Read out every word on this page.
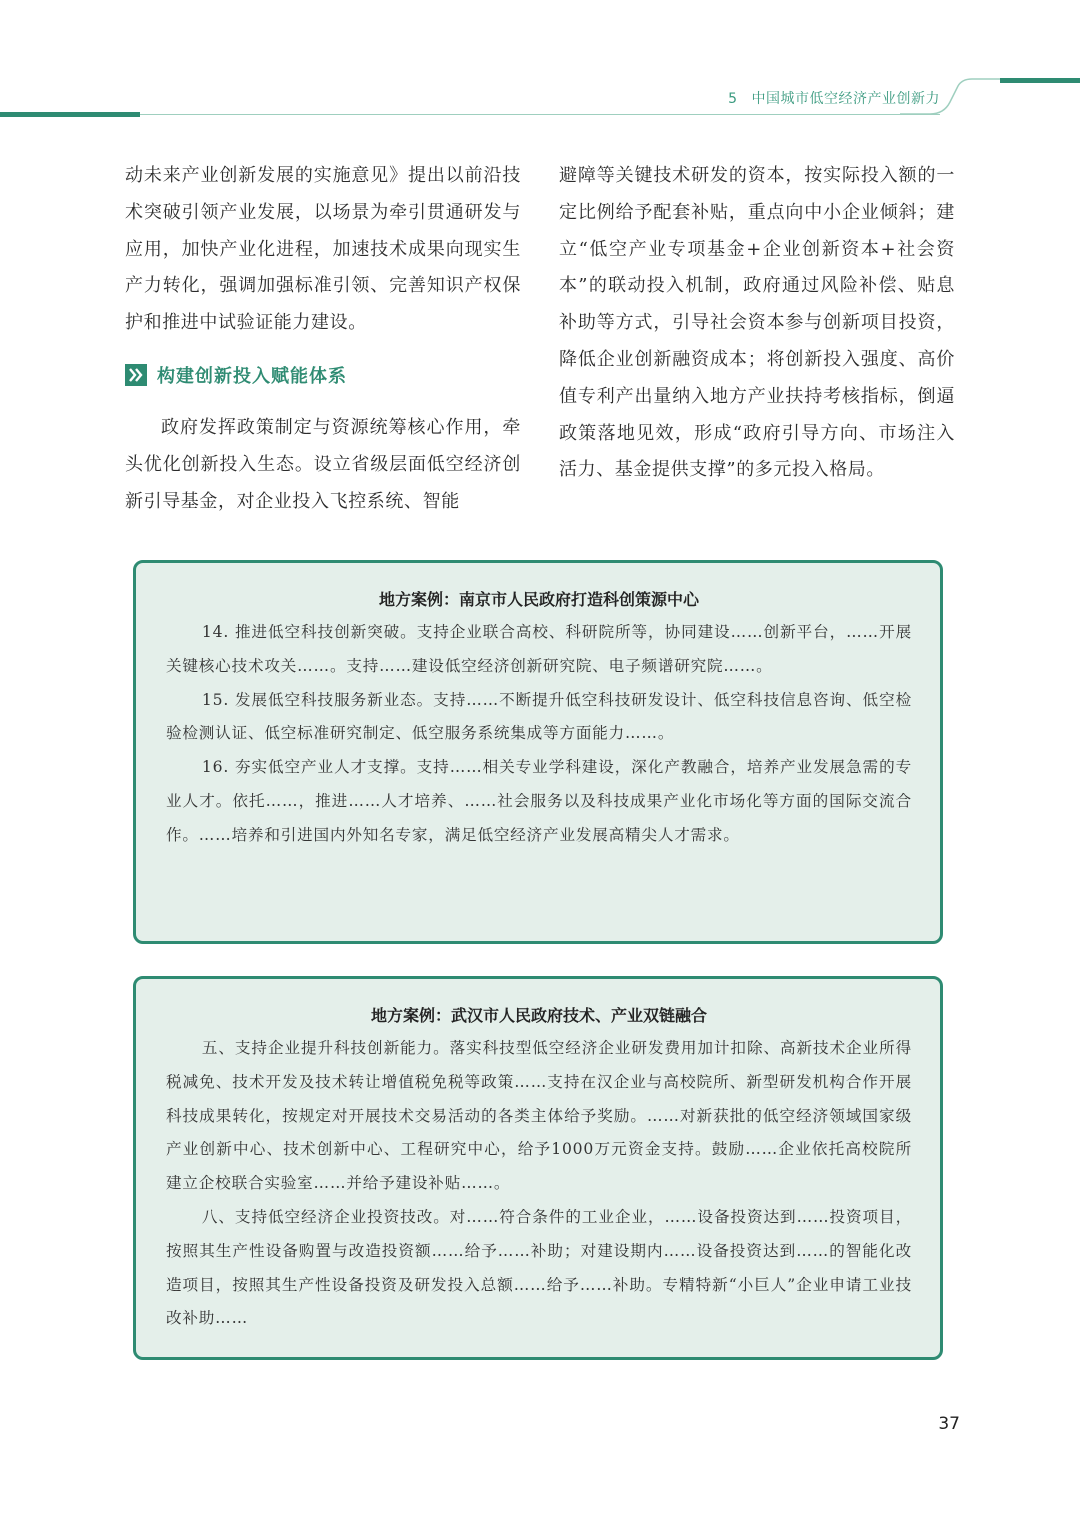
5 中国城市低空经济产业创新力

动未来产业创新发展的实施意见》提出以前沿技术突破引领产业发展，以场景为牵引贯通研发与应用，加快产业化进程，加速技术成果向现实生产力转化，强调加强标准引领、完善知识产权保护和推进中试验证能力建设。

构建创新投入赋能体系

政府发挥政策制定与资源统筹核心作用，牵头优化创新投入生态。设立省级层面低空经济创新引导基金，对企业投入飞控系统、智能

避障等关键技术研发的资本，按实际投入额的一定比例给予配套补贴，重点向中小企业倾斜；建立“低空产业专项基金+企业创新资本+社会资本”的联动投入机制，政府通过风险补偿、贴息补助等方式，引导社会资本参与创新项目投资，降低企业创新融资成本；将创新投入强度、高价值专利产出量纳入地方产业扶持考核指标，倒逼政策落地见效，形成“政府引导方向、市场注入活力、基金提供支撑”的多元投入格局。

地方案例：南京市人民政府打造科创策源中心

14. 推进低空科技创新突破。支持企业联合高校、科研院所等，协同建设……创新平台，……开展关键核心技术攻关……。支持……建设低空经济创新研究院、电子频谱研究院……。

15. 发展低空科技服务新业态。支持……不断提升低空科技研发设计、低空科技信息咨询、低空检验检测认证、低空标准研究制定、低空服务系统集成等方面能力……。

16. 夯实低空产业人才支撑。支持……相关专业学科建设，深化产教融合，培养产业发展急需的专业人才。依托……，推进……人才培养、……社会服务以及科技成果产业化市场化等方面的国际交流合作。……培养和引进国内外知名专家，满足低空经济产业发展高精尖人才需求。

地方案例：武汉市人民政府技术、产业双链融合

五、支持企业提升科技创新能力。落实科技型低空经济企业研发费用加计扣除、高新技术企业所得税减免、技术开发及技术转让增值税免税等政策……支持在汉企业与高校院所、新型研发机构合作开展科技成果转化，按规定对开展技术交易活动的各类主体给予奖励。……对新获批的低空经济领域国家级产业创新中心、技术创新中心、工程研究中心，给予1000万元资金支持。鼓励……企业依托高校院所建立企校联合实验室……并给予建设补贴……。

八、支持低空经济企业投资技改。对……符合条件的工业企业，……设备投资达到……投资项目，按照其生产性设备购置与改造投资额……给予……补助；对建设期内……设备投资达到……的智能化改造项目，按照其生产性设备投资及研发投入总额……给予……补助。专精特新“小巨人”企业申请工业技改补助……

37
